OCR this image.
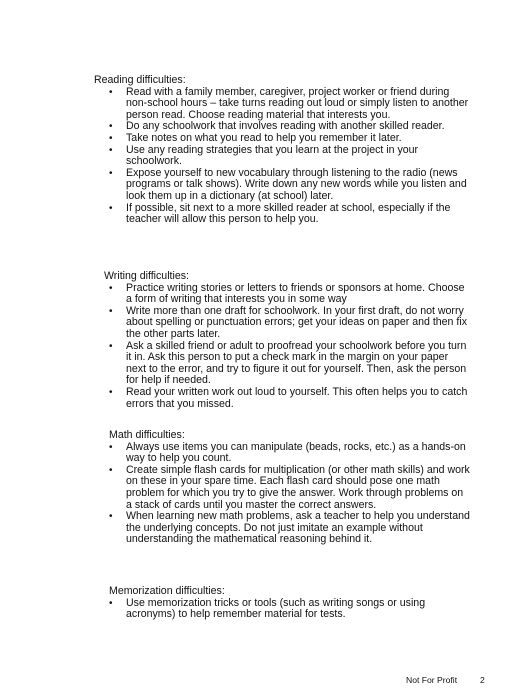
Reading difficulties:
•	Read with a family member, caregiver, project worker or friend during non-school hours – take turns reading out loud or simply listen to another person read. Choose reading material that interests you.
•	Do any schoolwork that involves reading with another skilled reader.
•	Take notes on what you read to help you remember it later.
•	Use any reading strategies that you learn at the project in your schoolwork.
•	Expose yourself to new vocabulary through listening to the radio (news programs or talk shows). Write down any new words while you listen and look them up in a dictionary (at school) later.
•	If possible, sit next to a more skilled reader at school, especially if the teacher will allow this person to help you.
Writing difficulties:
•	Practice writing stories or letters to friends or sponsors at home. Choose a form of writing that interests you in some way
•	Write more than one draft for schoolwork. In your first draft, do not worry about spelling or punctuation errors; get your ideas on paper and then fix the other parts later.
•	Ask a skilled friend or adult to proofread your schoolwork before you turn it in. Ask this person to put a check mark in the margin on your paper next to the error, and try to figure it out for yourself. Then, ask the person for help if needed.
•	Read your written work out loud to yourself. This often helps you to catch errors that you missed.
Math difficulties:
•	Always use items you can manipulate (beads, rocks, etc.) as a hands-on way to help you count.
•	Create simple flash cards for multiplication (or other math skills) and work on these in your spare time. Each flash card should pose one math problem for which you try to give the answer. Work through problems on a stack of cards until you master the correct answers.
•	When learning new math problems, ask a teacher to help you understand the underlying concepts. Do not just imitate an example without understanding the mathematical reasoning behind it.
Memorization difficulties:
•	Use memorization tricks or tools (such as writing songs or using acronyms) to help remember material for tests.
Not For Profit	2
